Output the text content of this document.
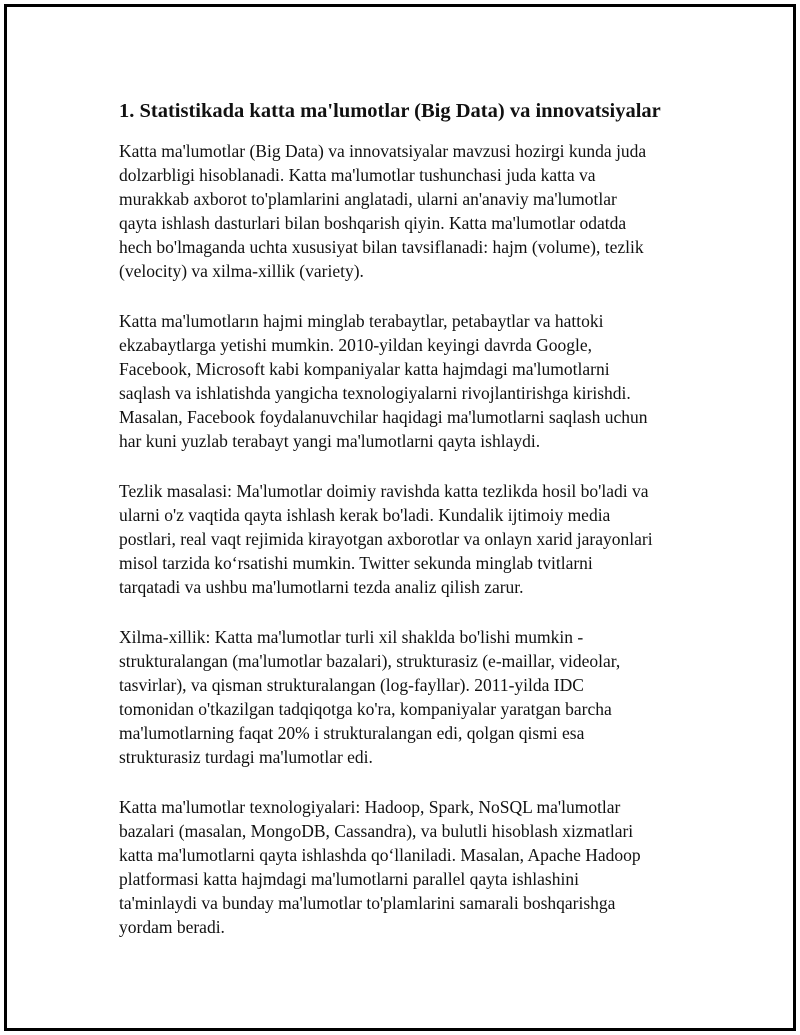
1. Statistikada katta ma'lumotlar (Big Data) va innovatsiyalar

Katta ma'lumotlar (Big Data) va innovatsiyalar mavzusi hozirgi kunda juda
dolzarbligi hisoblanadi. Katta ma'lumotlar tushunchasi juda katta va
murakkab axborot to'plamlarini anglatadi, ularni an'anaviy ma'lumotlar
qayta ishlash dasturlari bilan boshqarish qiyin. Katta ma'lumotlar odatda
hech bo'lmaganda uchta xususiyat bilan tavsiflanadi: hajm (volume), tezlik
(velocity) va xilma-xillik (variety).

Katta ma'lumotların hajmi minglab terabaytlar, petabaytlar va hattoki
ekzabaytlarga yetishi mumkin. 2010-yildan keyingi davrda Google,
Facebook, Microsoft kabi kompaniyalar katta hajmdagi ma'lumotlarni
saqlash va ishlatishda yangicha texnologiyalarni rivojlantirishga kirishdi.
Masalan, Facebook foydalanuvchilar haqidagi ma'lumotlarni saqlash uchun
har kuni yuzlab terabayt yangi ma'lumotlarni qayta ishlaydi.

Tezlik masalasi: Ma'lumotlar doimiy ravishda katta tezlikda hosil bo'ladi va
ularni o'z vaqtida qayta ishlash kerak bo'ladi. Kundalik ijtimoiy media
postlari, real vaqt rejimida kirayotgan axborotlar va onlayn xarid jarayonlari
misol tarzida koʻrsatishi mumkin. Twitter sekunda minglab tvitlarni
tarqatadi va ushbu ma'lumotlarni tezda analiz qilish zarur.

Xilma-xillik: Katta ma'lumotlar turli xil shaklda bo'lishi mumkin -
strukturalangan (ma'lumotlar bazalari), strukturasiz (e-maillar, videolar,
tasvirlar), va qisman strukturalangan (log-fayllar). 2011-yilda IDC
tomonidan o'tkazilgan tadqiqotga ko'ra, kompaniyalar yaratgan barcha
ma'lumotlarning faqat 20% i strukturalangan edi, qolgan qismi esa
strukturasiz turdagi ma'lumotlar edi.

Katta ma'lumotlar texnologiyalari: Hadoop, Spark, NoSQL ma'lumotlar
bazalari (masalan, MongoDB, Cassandra), va bulutli hisoblash xizmatlari
katta ma'lumotlarni qayta ishlashda qoʻllaniladi. Masalan, Apache Hadoop
platformasi katta hajmdagi ma'lumotlarni parallel qayta ishlashini
ta'minlaydi va bunday ma'lumotlar to'plamlarini samarali boshqarishga
yordam beradi.
